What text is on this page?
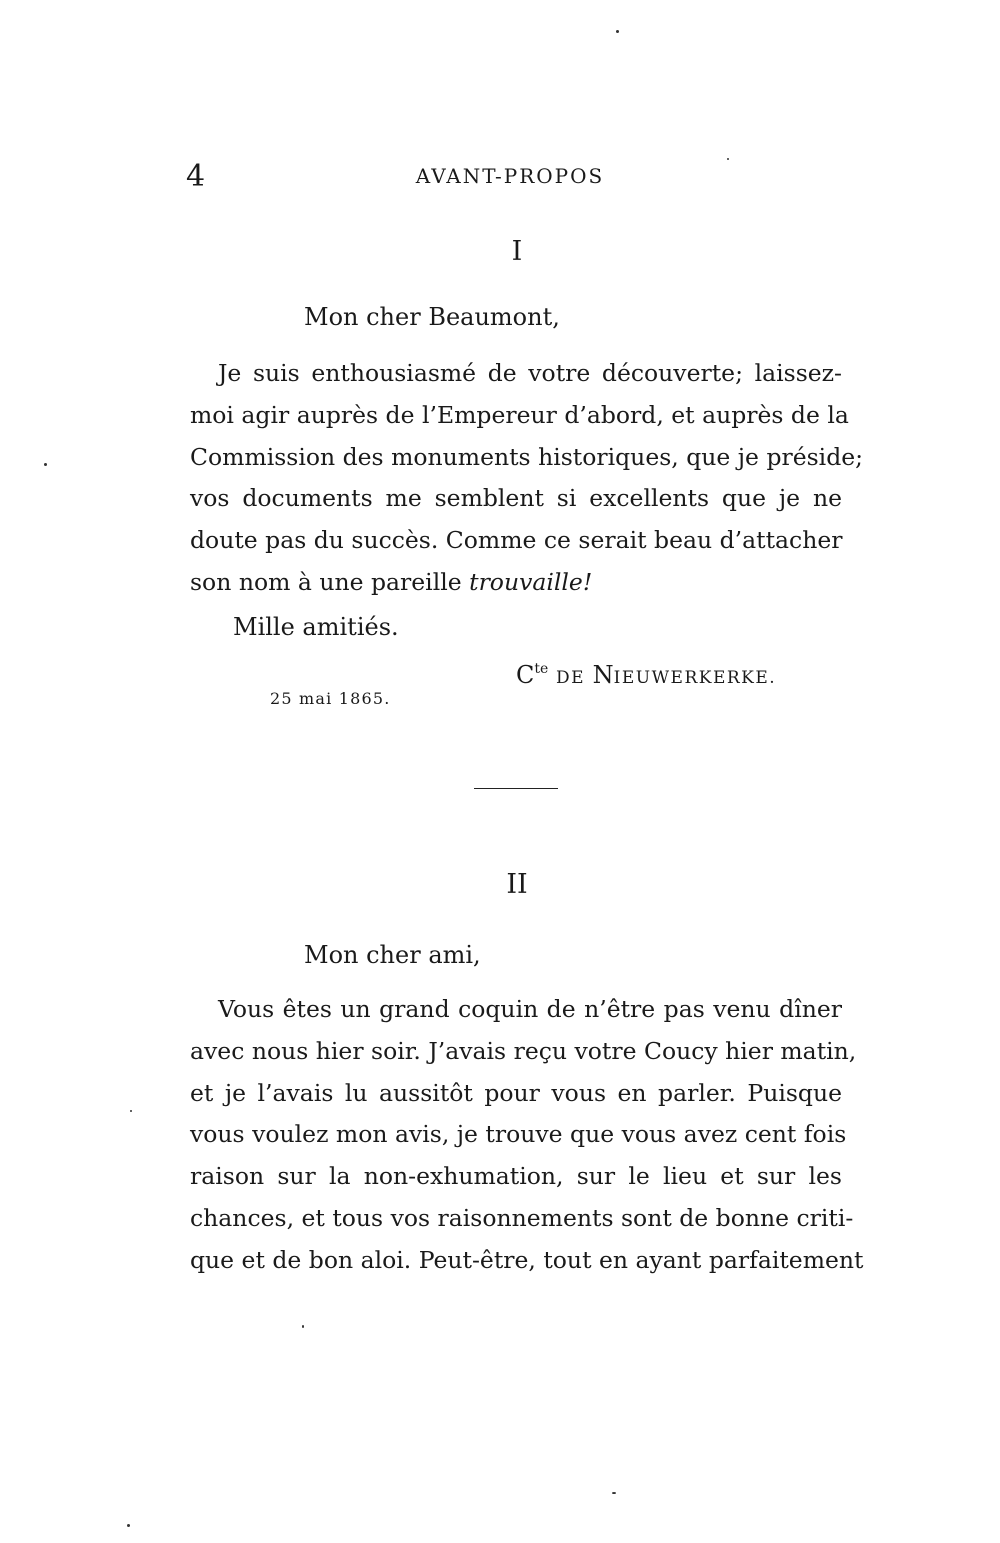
4	AVANT-PROPOS
I
Mon cher Beaumont,
Je suis enthousiasmé de votre découverte; laissez-
moi agir auprès de l’Empereur d’abord, et auprès de la
Commission des monuments historiques, que je préside;
vos documents me semblent si excellents que je ne
doute pas du succès. Comme ce serait beau d’attacher
son nom à une pareille trouvaille!
Mille amitiés.
$C^{te}$ DE NIEUWERKERKE.
25 mai 1865.
II
Mon cher ami,
Vous êtes un grand coquin de n’être pas venu dîner
avec nous hier soir. J’avais reçu votre Coucy hier matin,
et je l’avais lu aussitôt pour vous en parler. Puisque
vous voulez mon avis, je trouve que vous avez cent fois
raison sur la non-exhumation, sur le lieu et sur les
chances, et tous vos raisonnements sont de bonne criti-
que et de bon aloi. Peut-être, tout en ayant parfaitement
